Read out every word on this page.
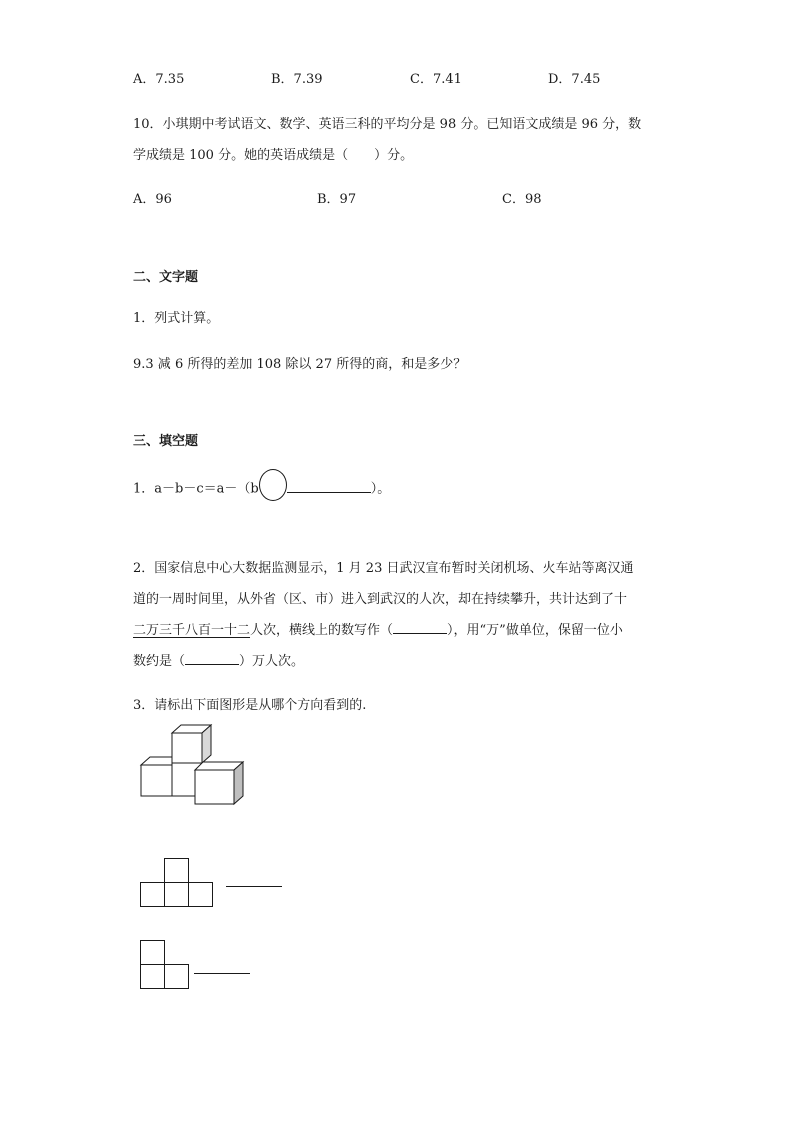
A．7.35	B．7.39	C．7.41	D．7.45
10．小琪期中考试语文、数学、英语三科的平均分是 98 分。已知语文成绩是 96 分，数
学成绩是 100 分。她的英语成绩是（　　）分。
A．96	B．97	C．98
二、文字题
1．列式计算。
9.3 减 6 所得的差加 108 除以 27 所得的商，和是多少？
三、填空题
1．a－b－c＝a－（b	）。
2．国家信息中心大数据监测显示，1 月 23 日武汉宣布暂时关闭机场、火车站等离汉通
道的一周时间里，从外省（区、市）进入到武汉的人次，却在持续攀升，共计达到了十
二万三千八百一十二人次，横线上的数写作（	），用“万”做单位，保留一位小
数约是（	）万人次。
3．请标出下面图形是从哪个方向看到的.
